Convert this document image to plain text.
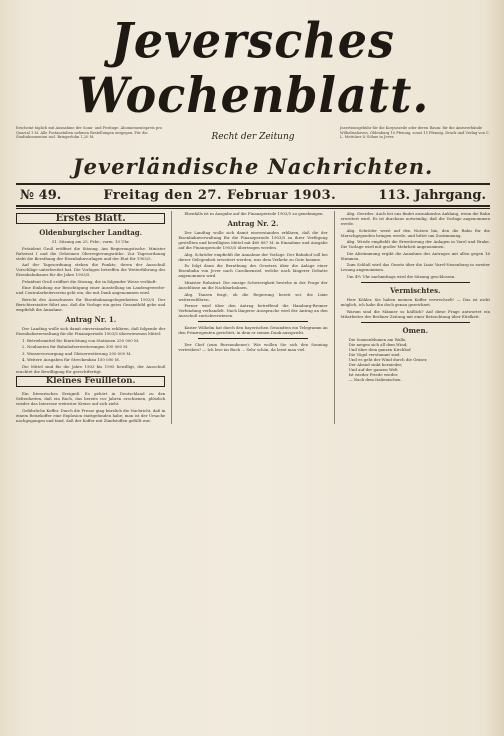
Jeversches Wochenblatt.
Erscheint täglich mit Ausnahme der Sonn- und Festtage. Abonnementspreis pro Quartal 1 M. Alle Postanstalten nehmen Bestellungen entgegen. Für die Stadtabonnenten incl. Bringerlohn 1,20 M.	Recht der Zeitung
Jnsertionsgebühr für die Korpuszeile oder deren Raum: für die Amtsverbände Wilhelmshaven, Oldenburg 10 Pfennig, sonst 15 Pfennig. Druck und Verlag von C. L. Mettcker & Söhne in Jever.
Jeverländische Nachrichten.
№ 49.	Freitag den 27. Februar 1903.	113. Jahrgang.
Erstes Blatt.
Oldenburgischer Landtag.

31. Sitzung am 25. Febr., vorm. 10 Uhr.

Präsident Groß eröffnet die Sitzung. Am Regierungstische: Minister Ruhstrat I und die Geheimen Oberregierungsräthe. Zur Tagesordnung steht die Berathung der Eisenbahnvorlagen und der Etat für 1903/5.

Auf der Tagesordnung stehen die Punkte, deren der Ausschuß Vorschläge unterbreitet hat. Die Vorlagen betreffen die Weiterführung des Eisenbahnbaues für die Jahre 1903/5.

Präsident Groß eröffnet die Sitzung, die in folgender Weise verläuft:

Eine Einladung zur Besichtigung einer Ausstellung im Landesgewerbe- und Centralarbeitsverein geht ein, die mit Dank angenommen wird.

Bericht des Ausschusses für Eisenbahnangelegenheiten 1903/5. Der Berichterstatter führt aus, daß die Vorlage ein gutes Gesamtbild gebe und empfiehlt die Annahme.

Antrag Nr. 1.

Der Landtag wolle sich damit einverstanden erklären, daß folgende der Eisenbahnverwaltung für die Finanzperiode 1903/5 überwiesenen Mittel:

1. Betriebsmittel für Einrichtung von Stationen 250 000 M.

2. Neubauten für Bahnhofserweiterungen 300 000 M.

3. Wasserversorgung und Gleiserweiterung 200 000 M.

4. Weitere Ausgaben für Streckenbau 150 000 M.

Die Mittel sind für die Jahre 1903 bis 1905 bewilligt, der Ausschuß erachtet die Bewilligung für gerechtfertigt.

Kleines Feuilleton.

Ein literarisches Ereigniß. Es gehört in Deutschland zu den Seltenheiten, daß ein Buch, das bereits vor Jahren erschienen, plötzlich wieder das Interesse weitester Kreise auf sich zieht.

Gefährliche Koffer. Durch die Presse ging kürzlich die Nachricht, daß in einem Reisekoffer eine Explosion stattgefunden habe; man ist der Ursache nachgegangen und fand, daß der Koffer mit Zündstoffen gefüllt war.

Ebenfalls ist in Ausgabe auf die Finanzperiode 1903/5 zu genehmigen.

Antrag Nr. 2.

Der Landtag wolle sich damit einverstanden erklären, daß die der Eisenbahnverwaltung für die Finanzperiode 1903/5 zu ihrer Verfügung gestellten und bewilligten Mittel mit 460 887 M. in Einnahme und Ausgabe auf die Finanzperiode 1903/5 übertragen werden.

Abg. Schröder empfiehlt die Annahme der Vorlage. Der Bahnhof soll bei dieser Gelegenheit erweitert werden, was dem Verkehr zu Gute komme.

Es folgt dann die Berathung des Gesetzes über die Anlage einer Eisenbahn von Jever nach Carolinensiel, welche nach längerer Debatte angenommen wird.

Minister Ruhstrat: Die einzige Schwierigkeit bestehe in der Frage der Anschlüsse an die Nachbarbahnen.

Abg. Tanzen fragt, ob die Regierung bereit sei, die Linie weiterzuführen.

Ferner wird über den Antrag betreffend die Hamburg-Bremer Verbindung verhandelt. Nach längerer Aussprache wird der Antrag an den Ausschuß zurückverwiesen.

Kaiser Wilhelm hat durch den bayerischen Gesandten ein Telegramm an den Prinzregenten gerichtet, in dem er seinen Dank ausspricht.

Der Chef (zum Bureaudiener): Wie wollen Sie sich den Sonntag vertreiben? — Ich lese im Buch ... Sehr schön, da lernt man viel.

Abg. Geerdes: Auch bei uns findet ausnahmslos Anklang, wenn die Bahn erweitert wird. Es ist durchaus notwendig, daß die Vorlage angenommen werde.

Abg. Schröder weist auf den Nutzen hin, den die Bahn für die Marschgegenden bringen werde, und bittet um Zustimmung.

Abg. Wrede empfiehlt die Erweiterung der Anlagen in Varel und Brake. Die Vorlage wird mit großer Mehrheit angenommen.

Die Abstimmung ergibt die Annahme des Antrages mit allen gegen 16 Stimmen.

Zum Schluß wird das Gesetz über die Linie Varel-Neuenburg in zweiter Lesung angenommen.

Um 4½ Uhr nachmittags wird die Sitzung geschlossen.

Vermischtes.

Herr Köhler, Sie haben meinen Koffer verwechselt! — Das ist nicht möglich, ich habe ihn doch genau gezeichnet.

Warum sind die Männer so häßlich? Auf diese Frage antwortet ein Mitarbeiter der Berliner Zeitung mit einer Betrachtung über Eitelkeit.

Omen.

Die Sonnenblumen am Walle,
Die neigen sich all dem Wind;
Und über dem ganzen Kirchhof
Die Vögel verstummt sind.
Und es geht der Wind durch die Gräser,
Der Abend sinkt hernieder,
Und auf der ganzen Welt
Ist wieder Friede wieder.
— Nach dem Italienischen.
